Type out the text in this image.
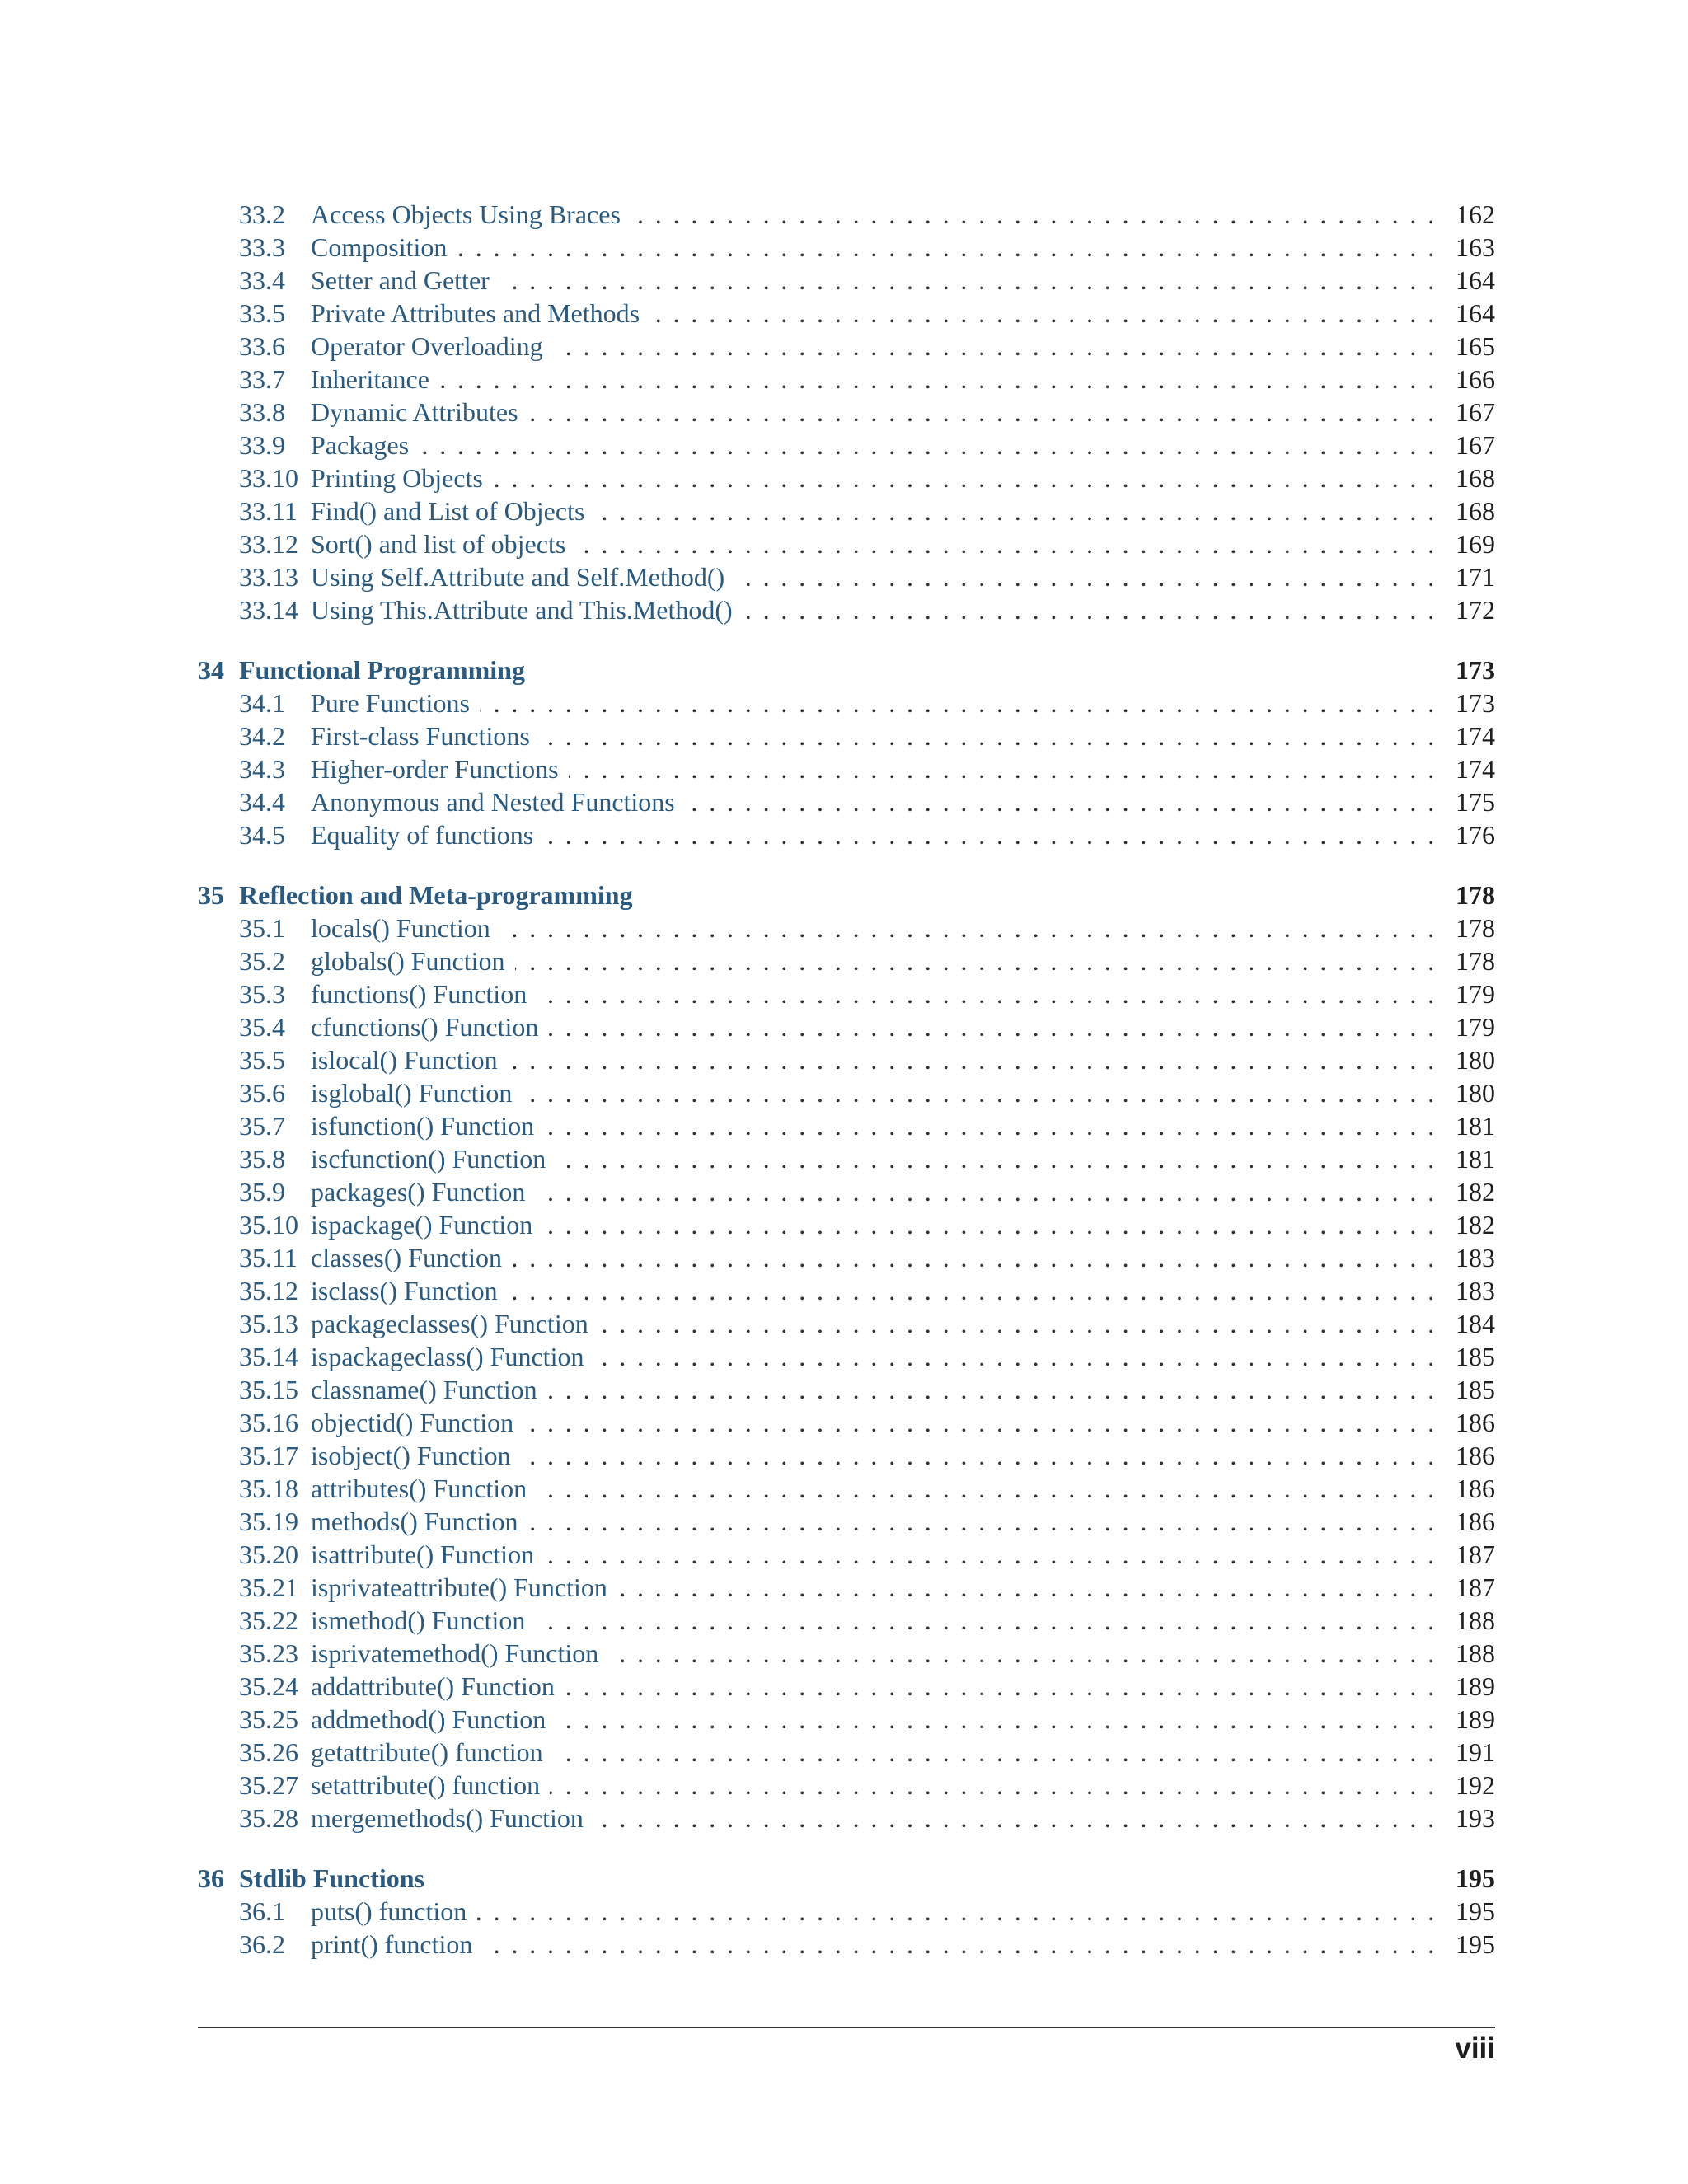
33.2 Access Objects Using Braces .....	162
33.3 Composition .....	163
33.4 Setter and Getter .....	164
33.5 Private Attributes and Methods .....	164
33.6 Operator Overloading .....	165
33.7 Inheritance .....	166
33.8 Dynamic Attributes .....	167
33.9 Packages .....	167
33.10 Printing Objects .....	168
33.11 Find() and List of Objects .....	168
33.12 Sort() and list of objects .....	169
33.13 Using Self.Attribute and Self.Method() .....	171
33.14 Using This.Attribute and This.Method() .....	172
34 Functional Programming	173
34.1 Pure Functions .....	173
34.2 First-class Functions .....	174
34.3 Higher-order Functions .....	174
34.4 Anonymous and Nested Functions .....	175
34.5 Equality of functions .....	176
35 Reflection and Meta-programming	178
35.1 locals() Function .....	178
35.2 globals() Function .....	178
35.3 functions() Function .....	179
35.4 cfunctions() Function .....	179
35.5 islocal() Function .....	180
35.6 isglobal() Function .....	180
35.7 isfunction() Function .....	181
35.8 iscfunction() Function .....	181
35.9 packages() Function .....	182
35.10 ispackage() Function .....	182
35.11 classes() Function .....	183
35.12 isclass() Function .....	183
35.13 packageclasses() Function .....	184
35.14 ispackageclass() Function .....	185
35.15 classname() Function .....	185
35.16 objectid() Function .....	186
35.17 isobject() Function .....	186
35.18 attributes() Function .....	186
35.19 methods() Function .....	186
35.20 isattribute() Function .....	187
35.21 isprivateattribute() Function .....	187
35.22 ismethod() Function .....	188
35.23 isprivatemethod() Function .....	188
35.24 addattribute() Function .....	189
35.25 addmethod() Function .....	189
35.26 getattribute() function .....	191
35.27 setattribute() function .....	192
35.28 mergemethods() Function .....	193
36 Stdlib Functions	195
36.1 puts() function .....	195
36.2 print() function .....	195
viii
